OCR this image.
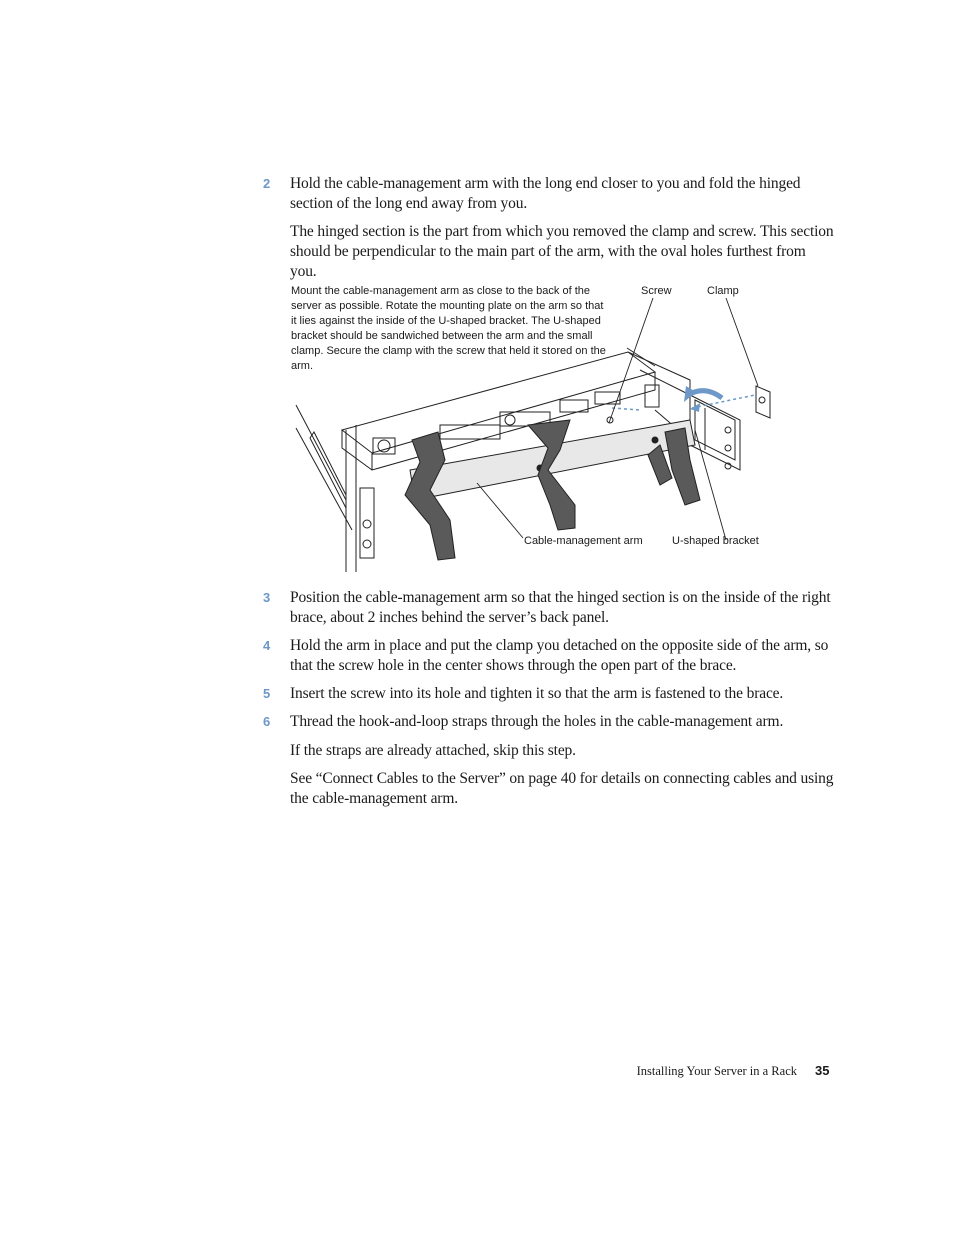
2 Hold the cable-management arm with the long end closer to you and fold the hinged section of the long end away from you.
The hinged section is the part from which you removed the clamp and screw. This section should be perpendicular to the main part of the arm, with the oval holes furthest from you.
Mount the cable-management arm as close to the back of the server as possible. Rotate the mounting plate on the arm so that it lies against the inside of the U-shaped bracket. The U-shaped bracket should be sandwiched between the arm and the small clamp. Secure the clamp with the screw that held it stored on the arm.
Screw	Clamp
Cable-management arm	U-shaped bracket
3 Position the cable-management arm so that the hinged section is on the inside of the right brace, about 2 inches behind the server’s back panel.
4 Hold the arm in place and put the clamp you detached on the opposite side of the arm, so that the screw hole in the center shows through the open part of the brace.
5 Insert the screw into its hole and tighten it so that the arm is fastened to the brace.
6 Thread the hook-and-loop straps through the holes in the cable-management arm.
If the straps are already attached, skip this step.
See “Connect Cables to the Server” on page 40 for details on connecting cables and using the cable-management arm.
Installing Your Server in a Rack 35
